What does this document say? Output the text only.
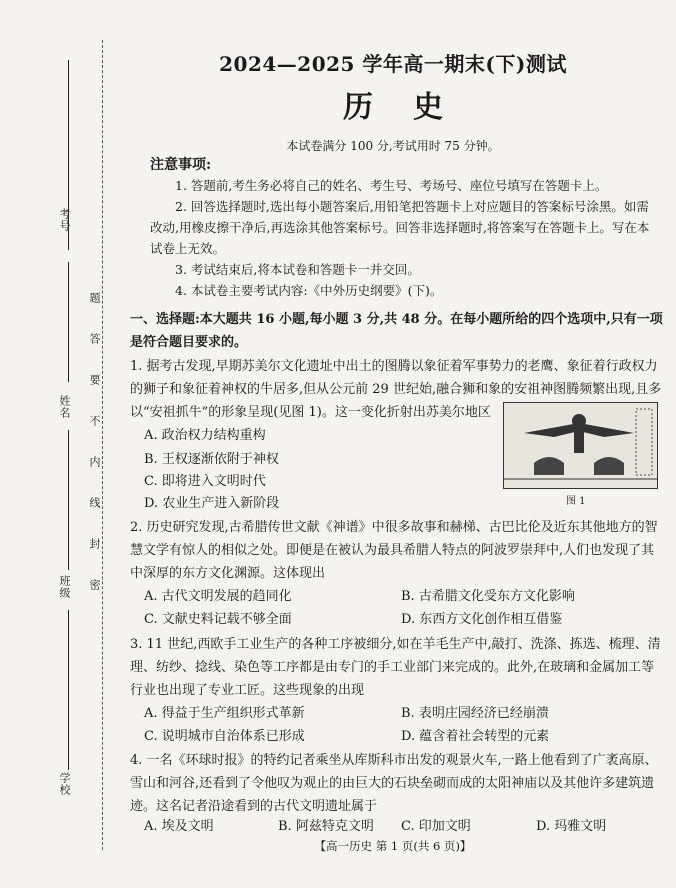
考号
姓名
班级
学校
题
答
要
不
内
线
封
密
2024—2025 学年高一期末(下)测试
历史
本试卷满分 100 分,考试用时 75 分钟。
注意事项:
1. 答题前,考生务必将自己的姓名、考生号、考场号、座位号填写在答题卡上。
2. 回答选择题时,选出每小题答案后,用铅笔把答题卡上对应题目的答案标号涂黑。如需改动,用橡皮擦干净后,再选涂其他答案标号。回答非选择题时,将答案写在答题卡上。写在本试卷上无效。
3. 考试结束后,将本试卷和答题卡一并交回。
4. 本试卷主要考试内容:《中外历史纲要》(下)。
一、选择题:本大题共 16 小题,每小题 3 分,共 48 分。在每小题所给的四个选项中,只有一项是符合题目要求的。
1. 据考古发现,早期苏美尔文化遗址中出土的图腾以象征着军事势力的老鹰、象征着行政权力的狮子和象征着神权的牛居多,但从公元前 29 世纪始,融合狮和象的安祖神图腾频繁出现,且多以“安祖抓牛”的形象呈现(见图 1)。这一变化折射出苏美尔地区
A. 政治权力结构重构
B. 王权逐渐依附于神权
C. 即将进入文明时代
D. 农业生产进入新阶段	图 1
2. 历史研究发现,古希腊传世文献《神谱》中很多故事和赫梯、古巴比伦及近东其他地方的智慧文学有惊人的相似之处。即便是在被认为最具希腊人特点的阿波罗崇拜中,人们也发现了其中深厚的东方文化渊源。这体现出
A. 古代文明发展的趋同化	B. 古希腊文化受东方文化影响
C. 文献史料记载不够全面	D. 东西方文化创作相互借鉴
3. 11 世纪,西欧手工业生产的各种工序被细分,如在羊毛生产中,敲打、洗涤、拣选、梳理、清理、纺纱、捻线、染色等工序都是由专门的手工业部门来完成的。此外,在玻璃和金属加工等行业也出现了专业工匠。这些现象的出现
A. 得益于生产组织形式革新	B. 表明庄园经济已经崩溃
C. 说明城市自治体系已形成	D. 蕴含着社会转型的元素
4. 一名《环球时报》的特约记者乘坐从库斯科市出发的观景火车,一路上他看到了广袤高原、雪山和河谷,还看到了令他叹为观止的由巨大的石块垒砌而成的太阳神庙以及其他许多建筑遗迹。这名记者沿途看到的古代文明遗址属于
A. 埃及文明	B. 阿兹特克文明 C. 印加文明	D. 玛雅文明
【高一历史 第 1 页(共 6 页)】
